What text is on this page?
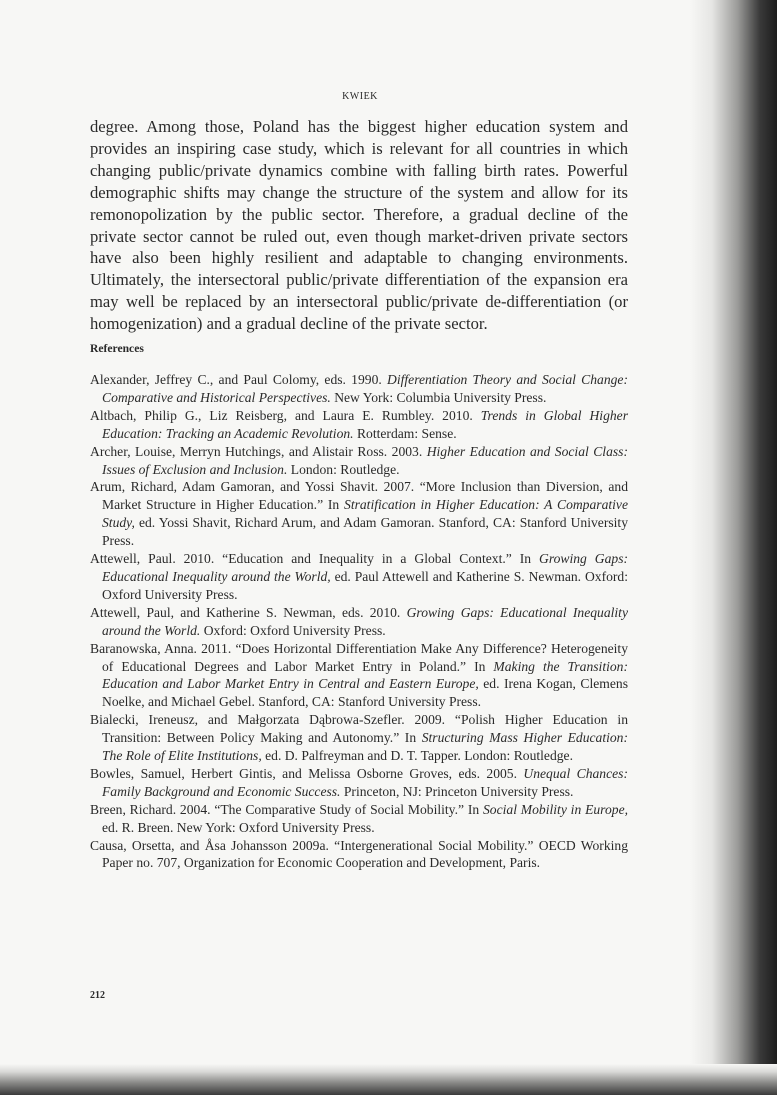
KWIEK

degree. Among those, Poland has the biggest higher education system and provides an inspiring case study, which is relevant for all countries in which changing public/private dynamics combine with falling birth rates. Powerful demographic shifts may change the structure of the system and allow for its remonopolization by the public sector. Therefore, a gradual decline of the private sector cannot be ruled out, even though market-driven private sectors have also been highly resilient and adaptable to changing environments. Ultimately, the intersectoral public/private differentiation of the expansion era may well be replaced by an intersectoral public/private de-differentiation (or homogenization) and a gradual decline of the private sector.

References
Alexander, Jeffrey C., and Paul Colomy, eds. 1990. Differentiation Theory and Social Change: Comparative and Historical Perspectives. New York: Columbia University Press.
Altbach, Philip G., Liz Reisberg, and Laura E. Rumbley. 2010. Trends in Global Higher Education: Tracking an Academic Revolution. Rotterdam: Sense.
Archer, Louise, Merryn Hutchings, and Alistair Ross. 2003. Higher Education and Social Class: Issues of Exclusion and Inclusion. London: Routledge.
Arum, Richard, Adam Gamoran, and Yossi Shavit. 2007. “More Inclusion than Diversion, and Market Structure in Higher Education.” In Stratification in Higher Education: A Comparative Study, ed. Yossi Shavit, Richard Arum, and Adam Gamoran. Stanford, CA: Stanford University Press.
Attewell, Paul. 2010. “Education and Inequality in a Global Context.” In Growing Gaps: Educational Inequality around the World, ed. Paul Attewell and Katherine S. Newman. Oxford: Oxford University Press.
Attewell, Paul, and Katherine S. Newman, eds. 2010. Growing Gaps: Educational Inequality around the World. Oxford: Oxford University Press.
Baranowska, Anna. 2011. “Does Horizontal Differentiation Make Any Difference? Heterogeneity of Educational Degrees and Labor Market Entry in Poland.” In Making the Transition: Education and Labor Market Entry in Central and Eastern Europe, ed. Irena Kogan, Clemens Noelke, and Michael Gebel. Stanford, CA: Stanford University Press.
Bialecki, Ireneusz, and Małgorzata Dąbrowa-Szefler. 2009. “Polish Higher Education in Transition: Between Policy Making and Autonomy.” In Structuring Mass Higher Education: The Role of Elite Institutions, ed. D. Palfreyman and D. T. Tapper. London: Routledge.
Bowles, Samuel, Herbert Gintis, and Melissa Osborne Groves, eds. 2005. Unequal Chances: Family Background and Economic Success. Princeton, NJ: Princeton University Press.
Breen, Richard. 2004. “The Comparative Study of Social Mobility.” In Social Mobility in Europe, ed. R. Breen. New York: Oxford University Press.
Causa, Orsetta, and Åsa Johansson 2009a. “Intergenerational Social Mobility.” OECD Working Paper no. 707, Organization for Economic Cooperation and Development, Paris.
212
